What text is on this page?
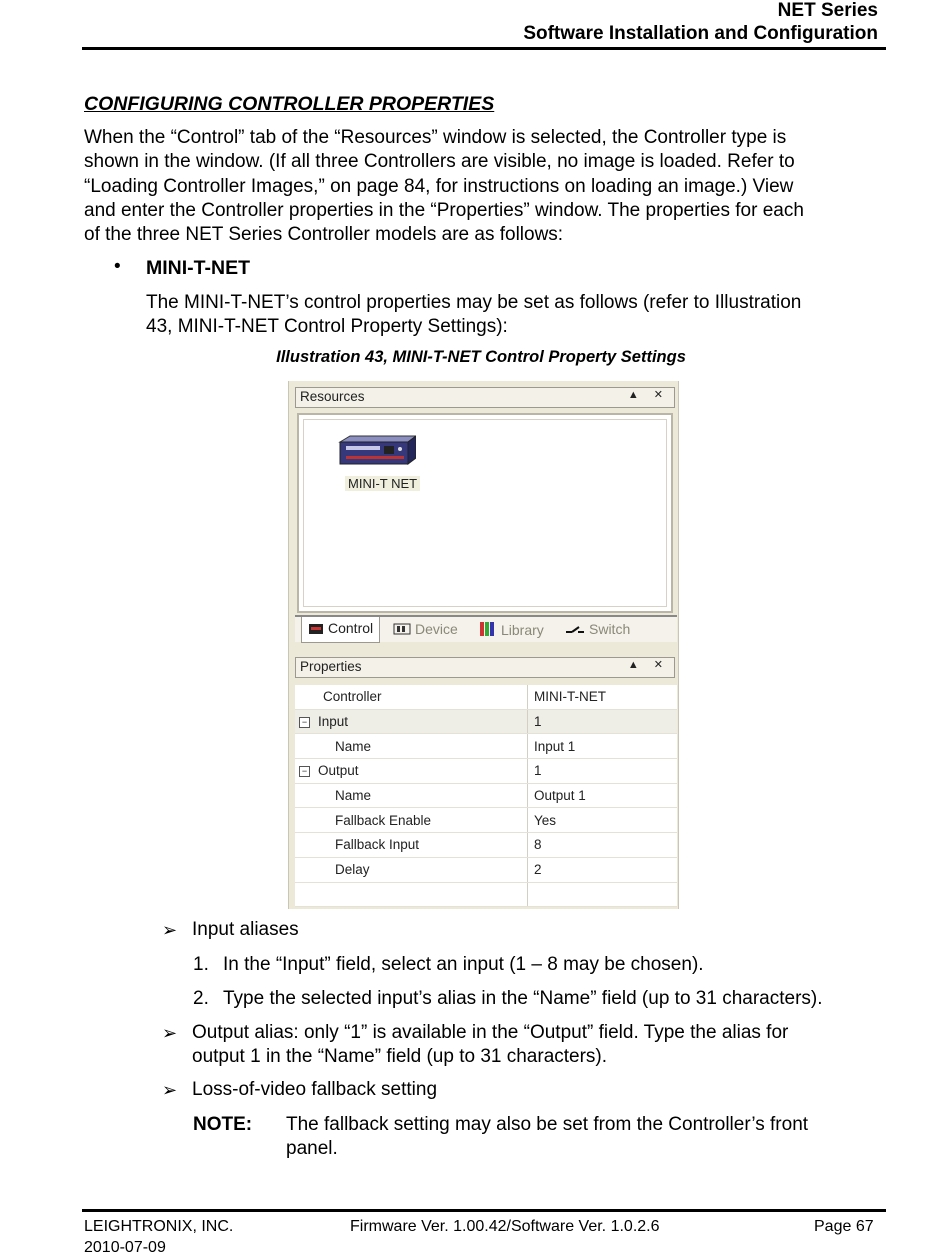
NET Series
Software Installation and Configuration
CONFIGURING CONTROLLER PROPERTIES
When the “Control” tab of the “Resources” window is selected, the Controller type is
shown in the window. (If all three Controllers are visible, no image is loaded. Refer to
“Loading Controller Images,” on page 84, for instructions on loading an image.) View
and enter the Controller properties in the “Properties” window. The properties for each
of the three NET Series Controller models are as follows:
• MINI-T-NET
The MINI-T-NET’s control properties may be set as follows (refer to Illustration
43, MINI-T-NET Control Property Settings):
Illustration 43, MINI-T-NET Control Property Settings
Resources	▲ ✕
MINI-T NET
Control	Device	Library	Switch
Properties	▲ ✕
Controller	MINI-T-NET
− Input	1
Name	Input 1
− Output	1
Name	Output 1
Fallback Enable	Yes
Fallback Input	8
Delay	2

➢ Input aliases
1. In the “Input” field, select an input (1 – 8 may be chosen).
2. Type the selected input’s alias in the “Name” field (up to 31 characters).
➢ Output alias: only “1” is available in the “Output” field. Type the alias for
output 1 in the “Name” field (up to 31 characters).
➢ Loss-of-video fallback setting
NOTE: The fallback setting may also be set from the Controller’s front
panel.
LEIGHTRONIX, INC.
2010-07-09
Firmware Ver. 1.00.42/Software Ver. 1.0.2.6	Page 67
